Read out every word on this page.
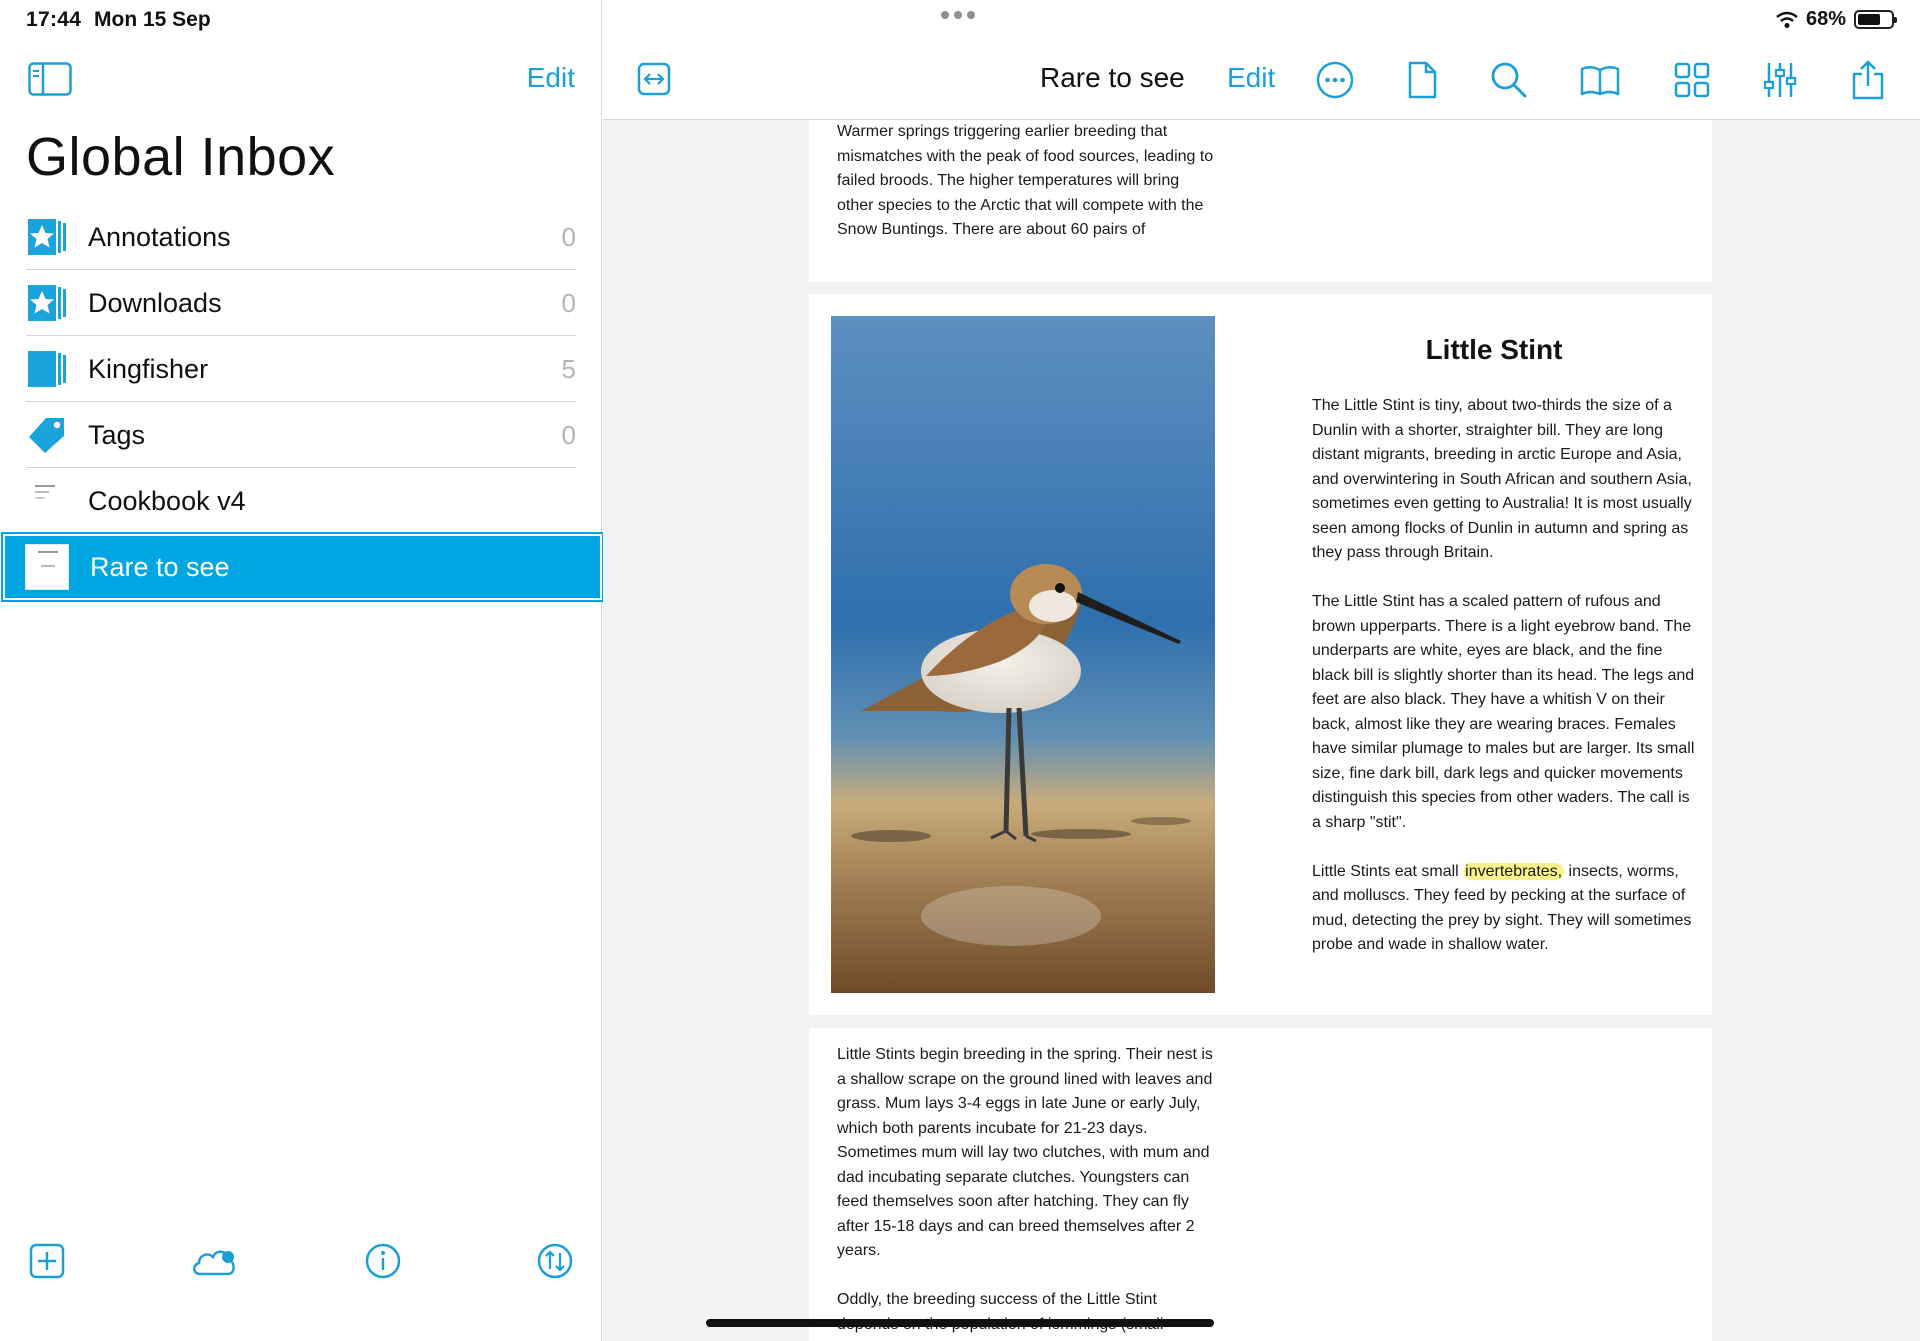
17:44 Mon 15 Sep
Edit
Global Inbox
Annotations	0
Downloads	0
Kingfisher	5
Tags	0
Cookbook v4
Rare to see
68%
Rare to see Edit

Warmer springs triggering earlier breeding that mismatches with the peak of food sources, leading to failed broods. The higher temperatures will bring other species to the Arctic that will compete with the Snow Buntings. There are about 60 pairs of

Little Stint

The Little Stint is tiny, about two-thirds the size of a Dunlin with a shorter, straighter bill. They are long distant migrants, breeding in arctic Europe and Asia, and overwintering in South African and southern Asia, sometimes even getting to Australia! It is most usually seen among flocks of Dunlin in autumn and spring as they pass through Britain.

The Little Stint has a scaled pattern of rufous and brown upperparts. There is a light eyebrow band. The underparts are white, eyes are black, and the fine black bill is slightly shorter than its head. The legs and feet are also black. They have a whitish V on their back, almost like they are wearing braces. Females have similar plumage to males but are larger. Its small size, fine dark bill, dark legs and quicker movements distinguish this species from other waders. The call is a sharp "stit".

Little Stints eat small invertebrates, insects, worms, and molluscs. They feed by pecking at the surface of mud, detecting the prey by sight. They will sometimes probe and wade in shallow water.

Little Stints begin breeding in the spring. Their nest is a shallow scrape on the ground lined with leaves and grass. Mum lays 3-4 eggs in late June or early July, which both parents incubate for 21-23 days. Sometimes mum will lay two clutches, with mum and dad incubating separate clutches. Youngsters can feed themselves soon after hatching. They can fly after 15-18 days and can breed themselves after 2 years.

Oddly, the breeding success of the Little Stint
